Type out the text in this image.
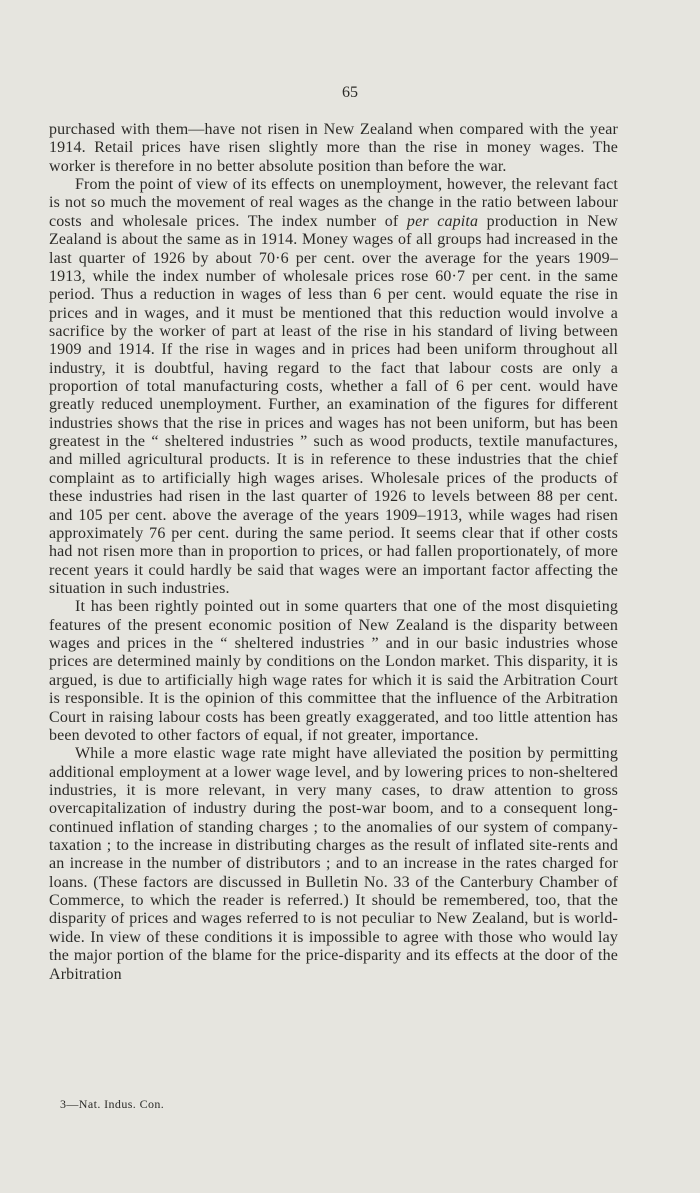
65

purchased with them—have not risen in New Zealand when compared with the year 1914. Retail prices have risen slightly more than the rise in money wages. The worker is therefore in no better absolute position than before the war.

From the point of view of its effects on unemployment, however, the relevant fact is not so much the movement of real wages as the change in the ratio between labour costs and wholesale prices. The index number of per capita production in New Zealand is about the same as in 1914. Money wages of all groups had increased in the last quarter of 1926 by about 70·6 per cent. over the average for the years 1909–1913, while the index number of wholesale prices rose 60·7 per cent. in the same period. Thus a reduction in wages of less than 6 per cent. would equate the rise in prices and in wages, and it must be mentioned that this reduction would involve a sacrifice by the worker of part at least of the rise in his standard of living between 1909 and 1914. If the rise in wages and in prices had been uniform throughout all industry, it is doubtful, having regard to the fact that labour costs are only a proportion of total manufacturing costs, whether a fall of 6 per cent. would have greatly reduced unemployment. Further, an examination of the figures for different industries shows that the rise in prices and wages has not been uniform, but has been greatest in the “ sheltered industries ” such as wood products, textile manufactures, and milled agricultural products. It is in reference to these industries that the chief complaint as to artificially high wages arises. Wholesale prices of the products of these industries had risen in the last quarter of 1926 to levels between 88 per cent. and 105 per cent. above the average of the years 1909–1913, while wages had risen approximately 76 per cent. during the same period. It seems clear that if other costs had not risen more than in proportion to prices, or had fallen proportionately, of more recent years it could hardly be said that wages were an important factor affecting the situation in such industries.

It has been rightly pointed out in some quarters that one of the most disquieting features of the present economic position of New Zealand is the disparity between wages and prices in the “ sheltered industries ” and in our basic industries whose prices are determined mainly by conditions on the London market. This disparity, it is argued, is due to artificially high wage rates for which it is said the Arbitration Court is responsible. It is the opinion of this committee that the influence of the Arbitration Court in raising labour costs has been greatly exaggerated, and too little attention has been devoted to other factors of equal, if not greater, importance.

While a more elastic wage rate might have alleviated the position by permitting additional employment at a lower wage level, and by lowering prices to non-sheltered industries, it is more relevant, in very many cases, to draw attention to gross overcapitalization of industry during the post-war boom, and to a consequent long-continued inflation of standing charges ; to the anomalies of our system of company-taxation ; to the increase in distributing charges as the result of inflated site-rents and an increase in the number of distributors ; and to an increase in the rates charged for loans. (These factors are discussed in Bulletin No. 33 of the Canterbury Chamber of Commerce, to which the reader is referred.) It should be remembered, too, that the disparity of prices and wages referred to is not peculiar to New Zealand, but is world-wide. In view of these conditions it is impossible to agree with those who would lay the major portion of the blame for the price-disparity and its effects at the door of the Arbitration

3—Nat. Indus. Con.
